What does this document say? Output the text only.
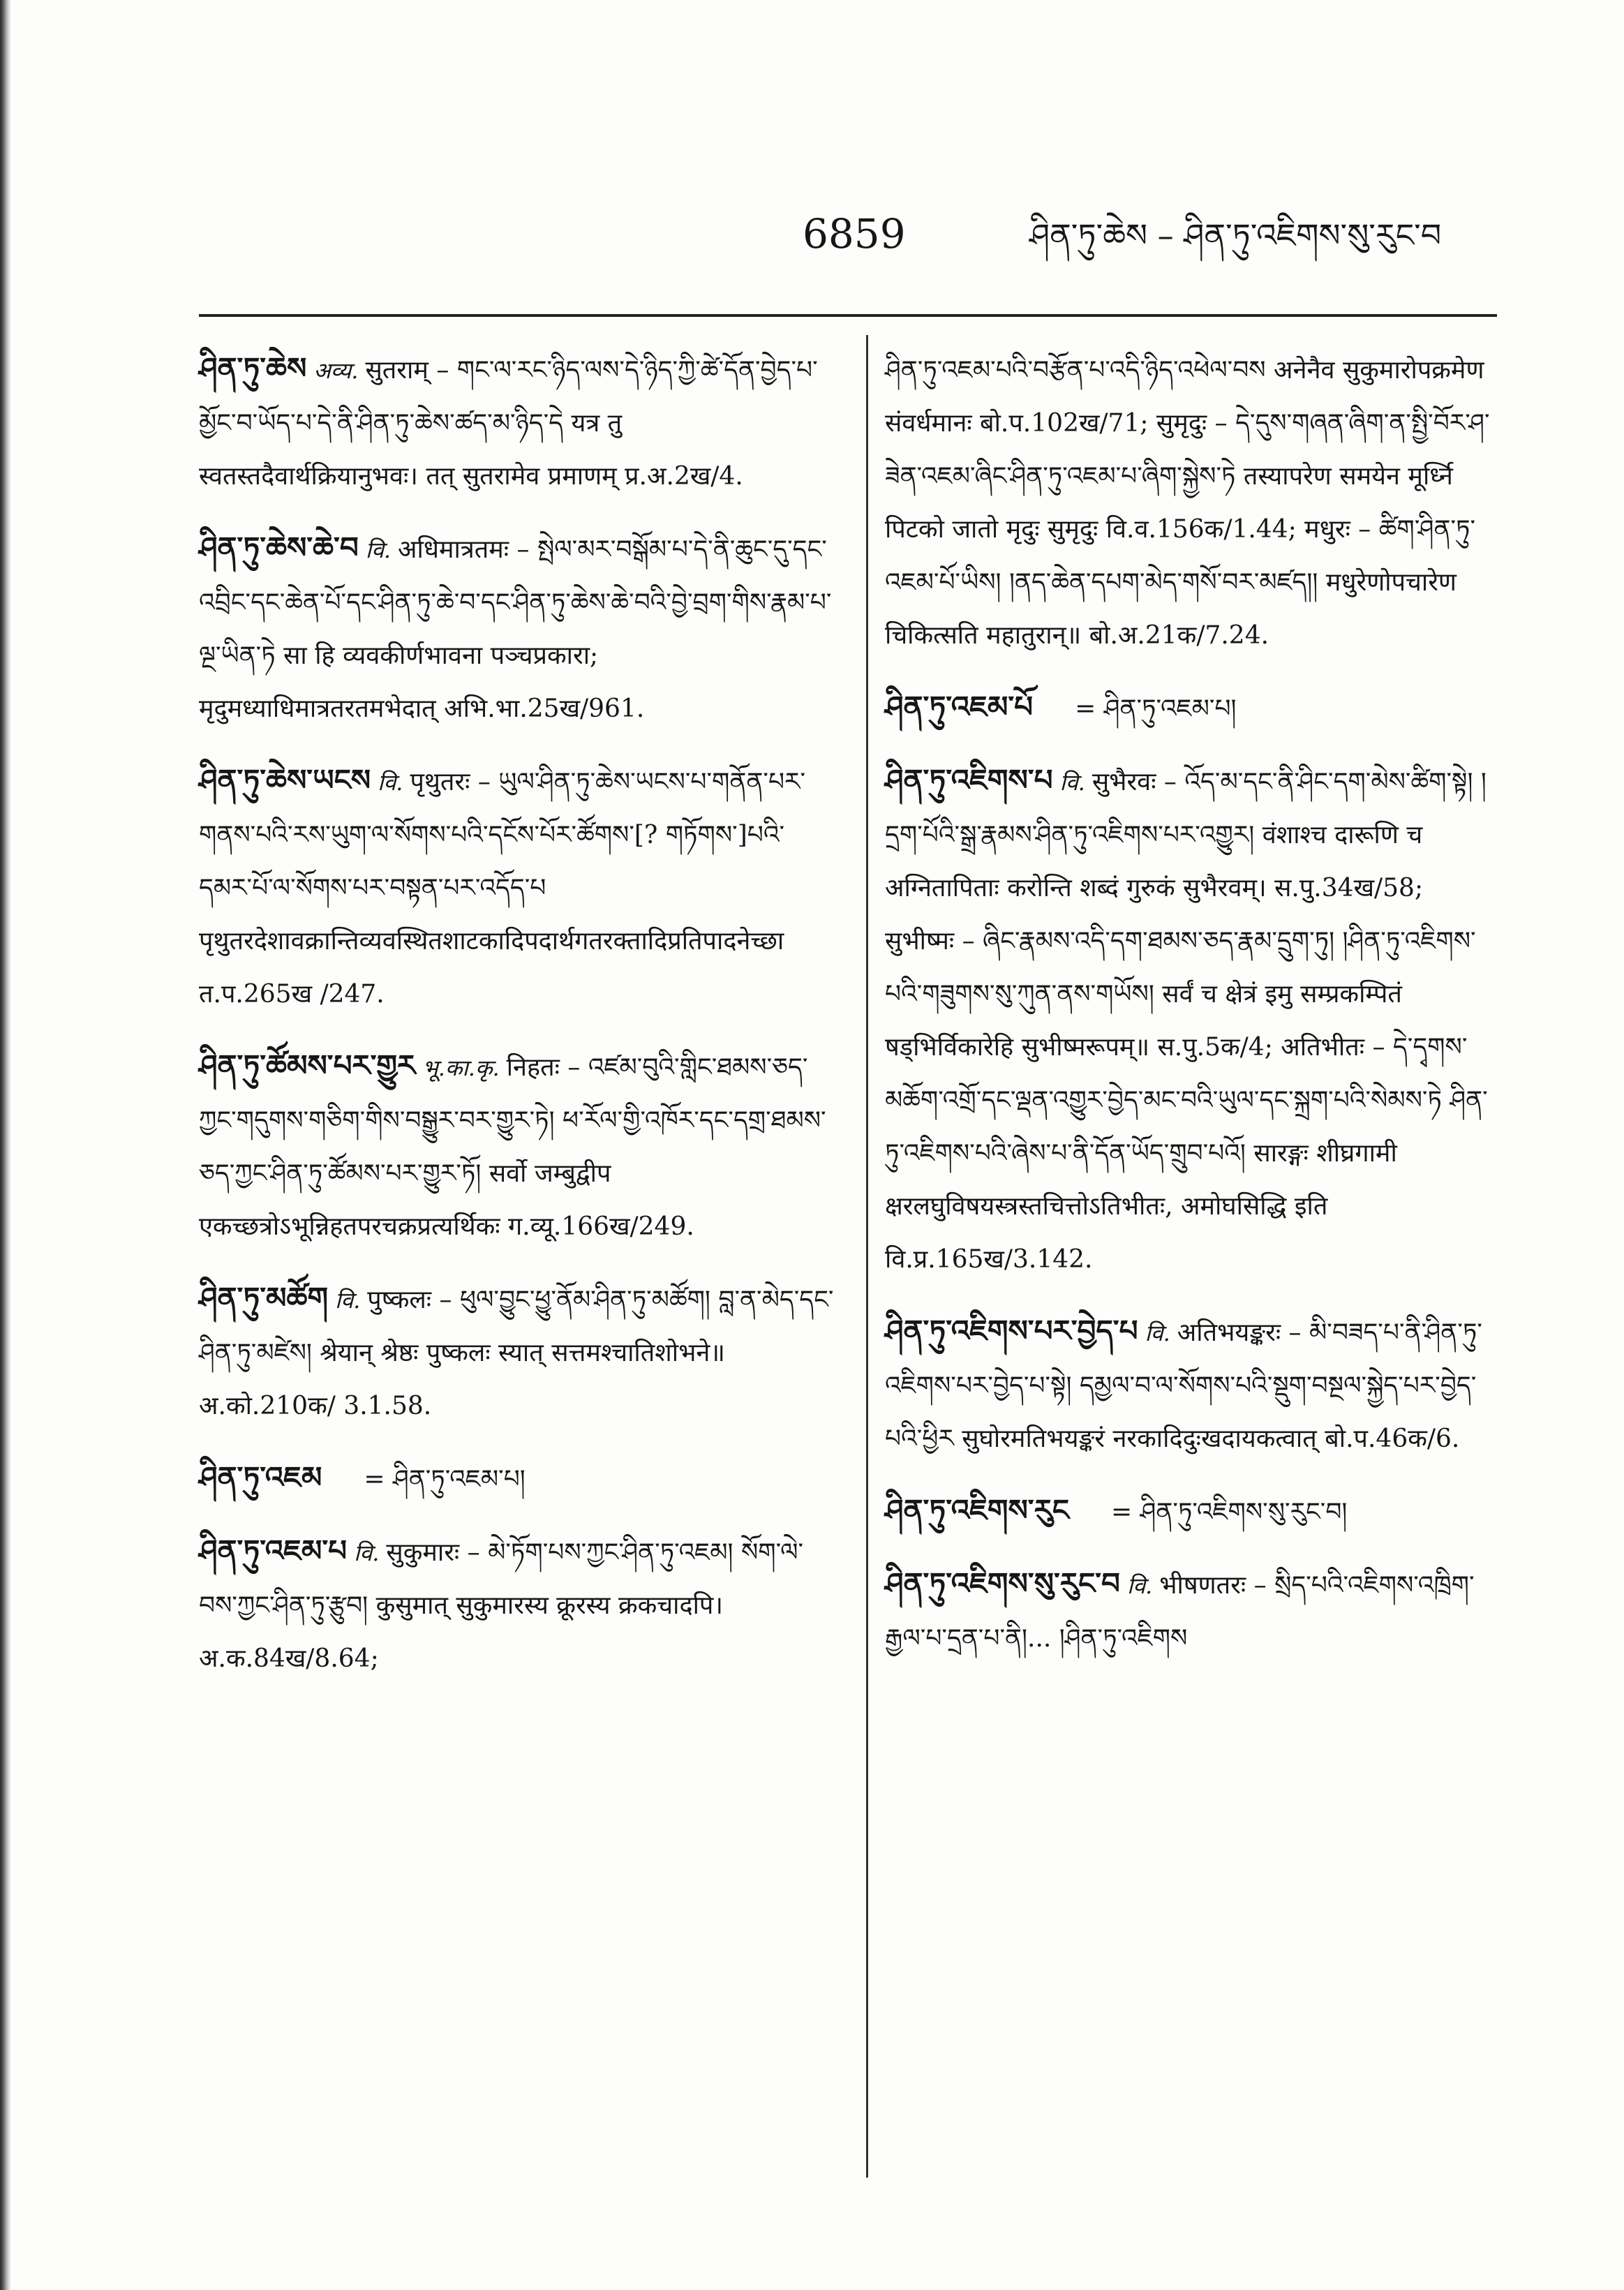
6859	ཤིན་ཏུ་ཆེས – ཤིན་ཏུ་འཇིགས་སུ་རུང་བ
ཤིན་ཏུ་ཆེས अव्य. सुतराम् – གང་ལ་རང་ཉིད་ལས་དེ་ཉིད་ཀྱི་ཚེ་དོན་བྱེད་པ་མྱོང་བ་ཡོད་པ་དེ་ནི་ཤིན་ཏུ་ཆེས་ཚད་མ་ཉིད་དེ यत्र तु स्वतस्तदैवार्थक्रियानुभवः। तत् सुतरामेव प्रमाणम् प्र.अ.2ख/4.
ཤིན་ཏུ་ཆེས་ཆེ་བ वि. अधिमात्रतमः – སྤེལ་མར་བསྒོམ་པ་དེ་ནི་ཆུང་དུ་དང་འབྲིང་དང་ཆེན་པོ་དང་ཤིན་ཏུ་ཆེ་བ་དང་ཤིན་ཏུ་ཆེས་ཆེ་བའི་བྱེ་བྲག་གིས་རྣམ་པ་ལྔ་ཡིན་ཏེ सा हि व्यवकीर्णभावना पञ्चप्रकारा; मृदुमध्याधिमात्रतरतमभेदात् अभि.भा.25ख/961.
ཤིན་ཏུ་ཆེས་ཡངས वि. पृथुतरः – ཡུལ་ཤིན་ཏུ་ཆེས་ཡངས་པ་གནོན་པར་གནས་པའི་རས་ཡུག་ལ་སོགས་པའི་དངོས་པོར་ཚོགས་[? གཏོགས་]པའི་དམར་པོ་ལ་སོགས་པར་བསྟན་པར་འདོད་པ पृथुतरदेशावक्रान्तिव्यवस्थितशाटकादिपदार्थगतरक्तादिप्रतिपादनेच्छा त.प.265ख /247.
ཤིན་ཏུ་ཚོམས་པར་གྱུར भू.का.कृ. निहतः – འཛམ་བུའི་གླིང་ཐམས་ཅད་ཀྱང་གདུགས་གཅིག་གིས་བསྒྱུར་བར་གྱུར་ཏེ། ཕ་རོལ་གྱི་འཁོར་དང་དགྲ་ཐམས་ཅད་ཀྱང་ཤིན་ཏུ་ཚོམས་པར་གྱུར་ཏོ། सर्वो जम्बुद्वीप एकच्छत्रोऽभून्निहतपरचक्रप्रत्यर्थिकः ग.व्यू.166ख/249.
ཤིན་ཏུ་མཚོག वि. पुष्कलः – ཕུལ་བྱུང་ཕྱུ་ནོམ་ཤིན་ཏུ་མཚོག། བླ་ན་མེད་དང་ཤིན་ཏུ་མཛེས། श्रेयान् श्रेष्ठः पुष्कलः स्यात् सत्तमश्चातिशोभने॥ अ.को.210क/ 3.1.58.
ཤིན་ཏུ་འཇམ = ཤིན་ཏུ་འཇམ་པ།
ཤིན་ཏུ་འཇམ་པ वि. सुकुमारः – མེ་ཏོག་པས་ཀྱང་ཤིན་ཏུ་འཇམ། སོག་ལེ་བས་ཀྱང་ཤིན་ཏུ་རྩུབ། कुसुमात् सुकुमारस्य क्रूरस्य क्रकचादपि। अ.क.84ख/8.64;
ཤིན་ཏུ་འཇམ་པའི་བརྩོན་པ་འདི་ཉིད་འཕེལ་བས अनेनैव सुकुमारोपक्रमेण संवर्धमानः बो.प.102ख/71; सुमृदुः – དེ་དུས་གཞན་ཞིག་ན་སྤྱི་བོར་ཤ་ཟེན་འཇམ་ཞིང་ཤིན་ཏུ་འཇམ་པ་ཞིག་སྐྱེས་ཏེ तस्यापरेण समयेन मूर्ध्नि पिटको जातो मृदुः सुमृदुः वि.व.156क/1.44; मधुरः – ཚིག་ཤིན་ཏུ་འཇམ་པོ་ཡིས། །ནད་ཆེན་དཔག་མེད་གསོ་བར་མཛད།། मधुरेणोपचारेण चिकित्सति महातुरान्॥ बो.अ.21क/7.24.
ཤིན་ཏུ་འཇམ་པོ = ཤིན་ཏུ་འཇམ་པ།
ཤིན་ཏུ་འཇིགས་པ वि. सुभैरवः – འོད་མ་དང་ནི་ཤིང་དག་མེས་ཚིག་སྟེ། །དྲག་པོའི་སྒྲ་རྣམས་ཤིན་ཏུ་འཇིགས་པར་འགྱུར། वंशाश्च दारूणि च अग्नितापिताः करोन्ति शब्दं गुरुकं सुभैरवम्। स.पु.34ख/58; सुभीष्मः – ཞིང་རྣམས་འདི་དག་ཐམས་ཅད་རྣམ་དྲུག་ཏུ། །ཤིན་ཏུ་འཇིགས་པའི་གཟུགས་སུ་ཀུན་ནས་གཡོས། सर्वं च क्षेत्रं इमु सम्प्रकम्पितं षड्भिर्विकारेहि सुभीष्मरूपम्॥ स.पु.5क/4; अतिभीतः – དེ་དྭགས་མཆོག་འགྲོ་དང་ལྡན་འགྱུར་བྱེད་མང་བའི་ཡུལ་དང་སྐྲག་པའི་སེམས་ཏེ ཤིན་ཏུ་འཇིགས་པའི་ཞེས་པ་ནི་དོན་ཡོད་གྲུབ་པའོ། सारङ्गः शीघ्रगामी क्षरलघुविषयस्त्रस्तचित्तोऽतिभीतः, अमोघसिद्धि इति वि.प्र.165ख/3.142.
ཤིན་ཏུ་འཇིགས་པར་བྱེད་པ वि. अतिभयङ्करः – མི་བཟད་པ་ནི་ཤིན་ཏུ་འཇིགས་པར་བྱེད་པ་སྟེ། དམྱལ་བ་ལ་སོགས་པའི་སྡུག་བསྔལ་སྐྱེད་པར་བྱེད་པའི་ཕྱིར सुघोरमतिभयङ्करं नरकादिदुःखदायकत्वात् बो.प.46क/6.
ཤིན་ཏུ་འཇིགས་རུང = ཤིན་ཏུ་འཇིགས་སུ་རུང་བ།
ཤིན་ཏུ་འཇིགས་སུ་རུང་བ वि. भीषणतरः – སྲིད་པའི་འཇིགས་འཁྲིག་རྒྱལ་པ་དྲན་པ་ནི།... །ཤིན་ཏུ་འཇིགས
